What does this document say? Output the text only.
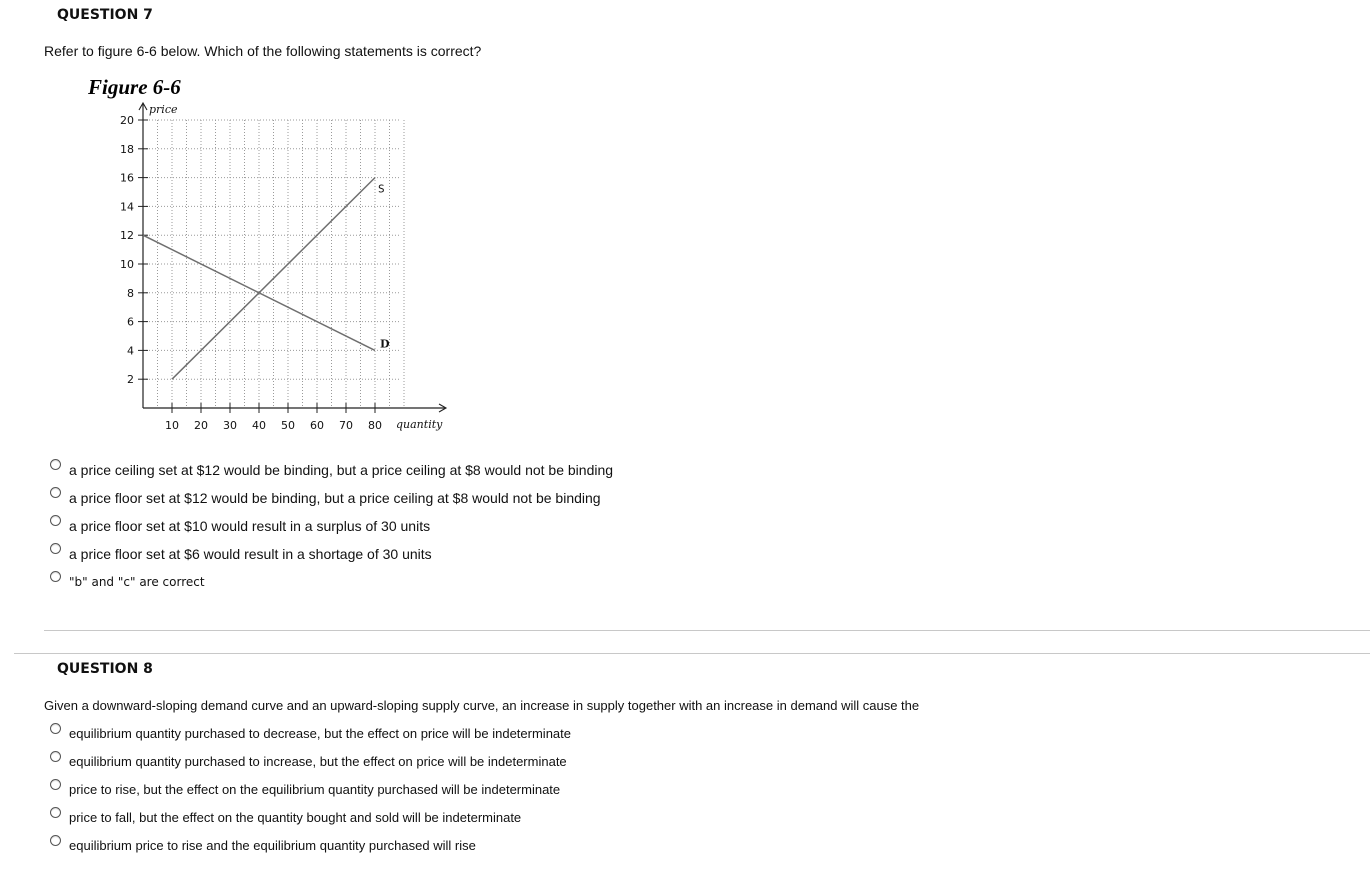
QUESTION 7
Refer to figure 6-6 below. Which of the following statements is correct?
Figure 6-6
price
quantity
2
4
6
8
10
12
14
16
18
20
10 20 30 40 50 60 70 80
S
D
a price ceiling set at $12 would be binding, but a price ceiling at $8 would not be binding
a price floor set at $12 would be binding, but a price ceiling at $8 would not be binding
a price floor set at $10 would result in a surplus of 30 units
a price floor set at $6 would result in a shortage of 30 units
"b" and "c" are correct
QUESTION 8
Given a downward-sloping demand curve and an upward-sloping supply curve, an increase in supply together with an increase in demand will cause the
equilibrium quantity purchased to decrease, but the effect on price will be indeterminate
equilibrium quantity purchased to increase, but the effect on price will be indeterminate
price to rise, but the effect on the equilibrium quantity purchased will be indeterminate
price to fall, but the effect on the quantity bought and sold will be indeterminate
equilibrium price to rise and the equilibrium quantity purchased will rise
